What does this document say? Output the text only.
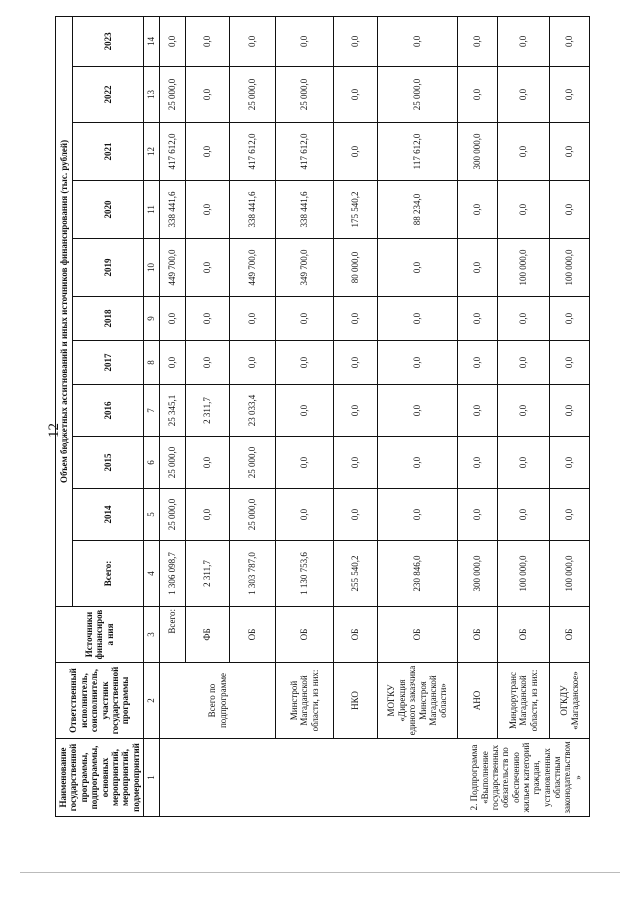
12
Наименование государственной программы, подпрограммы, основных мероприятий, мероприятий, подмероприятий	Ответственный исполнитель, соисполнитель, участник государственной программы	Источники финансирова ния	Объем бюджетных ассигнований и иных источников финансирования (тыс. рублей)										
			Всего:	2014	2015	2016	2017	2018	2019	2020	2021	2022	2023
1	2	3	4	5	6	7	8	9	10	11	12	13	14
2. Подпрограмма «Выполнение государственных обязательств по обеспечению жильем категорий граждан, установленных областным законодательством»	Всего по подпрограмме	Всего:	1 306 098,7	25 000,0	25 000,0	25 345,1	0,0	0,0	449 700,0	338 441,6	417 612,0	25 000,0	0,0
		ФБ	2 311,7	0,0	0,0	2 311,7	0,0	0,0	0,0	0,0	0,0	0,0	0,0
		ОБ	1 303 787,0	25 000,0	25 000,0	23 033,4	0,0	0,0	449 700,0	338 441,6	417 612,0	25 000,0	0,0
	Минстрой Магаданской области, из них:	ОБ	1 130 753,6	0,0	0,0	0,0	0,0	0,0	349 700,0	338 441,6	417 612,0	25 000,0	0,0
	НКО	ОБ	255 540,2	0,0	0,0	0,0	0,0	0,0	80 000,0	175 540,2	0,0	0,0	0,0
	МОГКУ «Дирекция единого заказчика Минстроя Магаданской области»	ОБ	230 846,0	0,0	0,0	0,0	0,0	0,0	0,0	88 234,0	117 612,0	25 000,0	0,0
	АНО	ОБ	300 000,0	0,0	0,0	0,0	0,0	0,0	0,0	0,0	300 000,0	0,0	0,0
	Миндорутранс Магаданской области, из них:	ОБ	100 000,0	0,0	0,0	0,0	0,0	0,0	100 000,0	0,0	0,0	0,0	0,0
	ОГКДУ «Магаданское»	ОБ	100 000,0	0,0	0,0	0,0	0,0	0,0	100 000,0	0,0	0,0	0,0	0,0
